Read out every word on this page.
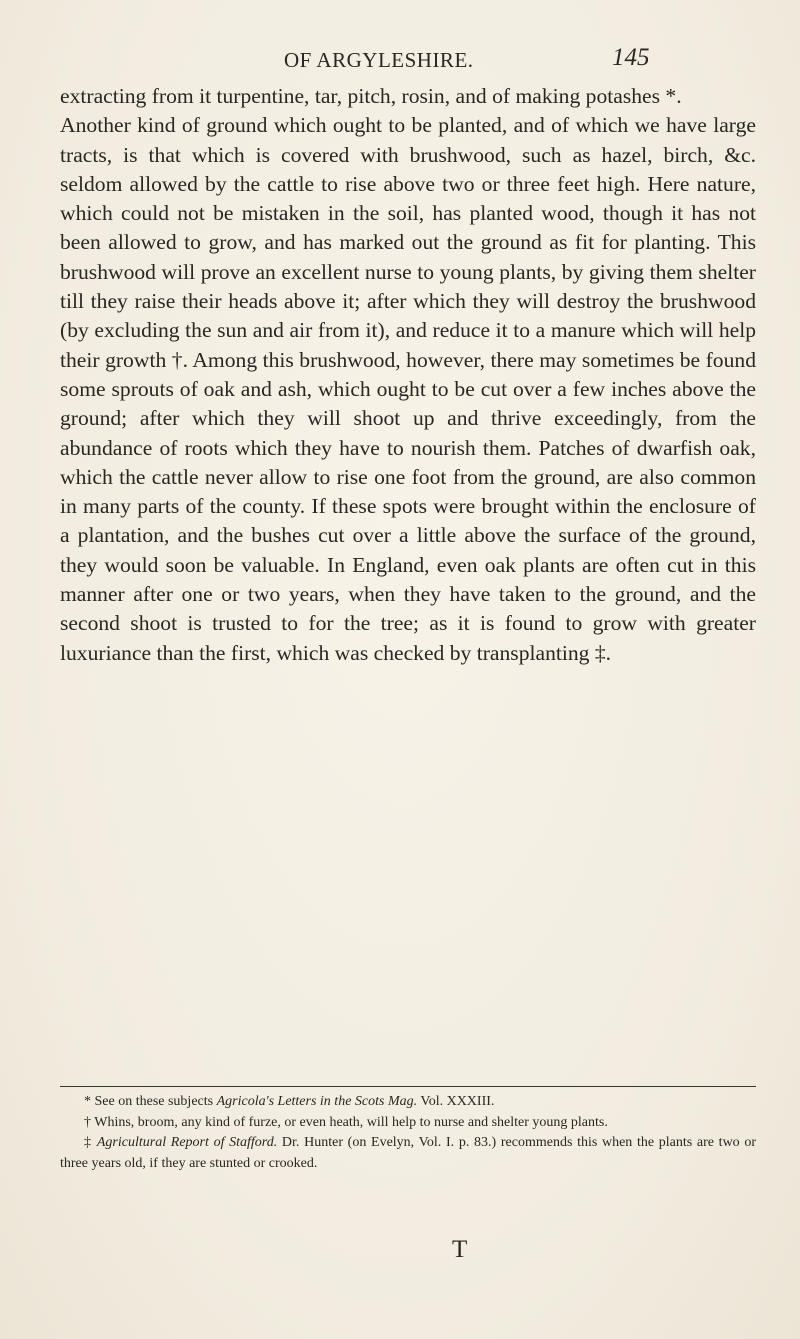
OF ARGYLESHIRE.	145

extracting from it turpentine, tar, pitch, rosin, and of making potashes *.

Another kind of ground which ought to be planted, and of which we have large tracts, is that which is covered with brushwood, such as hazel, birch, &c. seldom allowed by the cattle to rise above two or three feet high. Here nature, which could not be mistaken in the soil, has planted wood, though it has not been allowed to grow, and has marked out the ground as fit for planting. This brushwood will prove an excellent nurse to young plants, by giving them shelter till they raise their heads above it; after which they will destroy the brushwood (by excluding the sun and air from it), and reduce it to a manure which will help their growth †. Among this brushwood, however, there may sometimes be found some sprouts of oak and ash, which ought to be cut over a few inches above the ground; after which they will shoot up and thrive exceedingly, from the abundance of roots which they have to nourish them. Patches of dwarfish oak, which the cattle never allow to rise one foot from the ground, are also common in many parts of the county. If these spots were brought within the enclosure of a plantation, and the bushes cut over a little above the surface of the ground, they would soon be valuable. In England, even oak plants are often cut in this manner after one or two years, when they have taken to the ground, and the second shoot is trusted to for the tree; as it is found to grow with greater luxuriance than the first, which was checked by transplanting ‡.

* See on these subjects Agricola's Letters in the Scots Mag. Vol. XXXIII.

† Whins, broom, any kind of furze, or even heath, will help to nurse and shelter young plants.

‡ Agricultural Report of Stafford. Dr. Hunter (on Evelyn, Vol. I. p. 83.) recommends this when the plants are two or three years old, if they are stunted or crooked.

T
